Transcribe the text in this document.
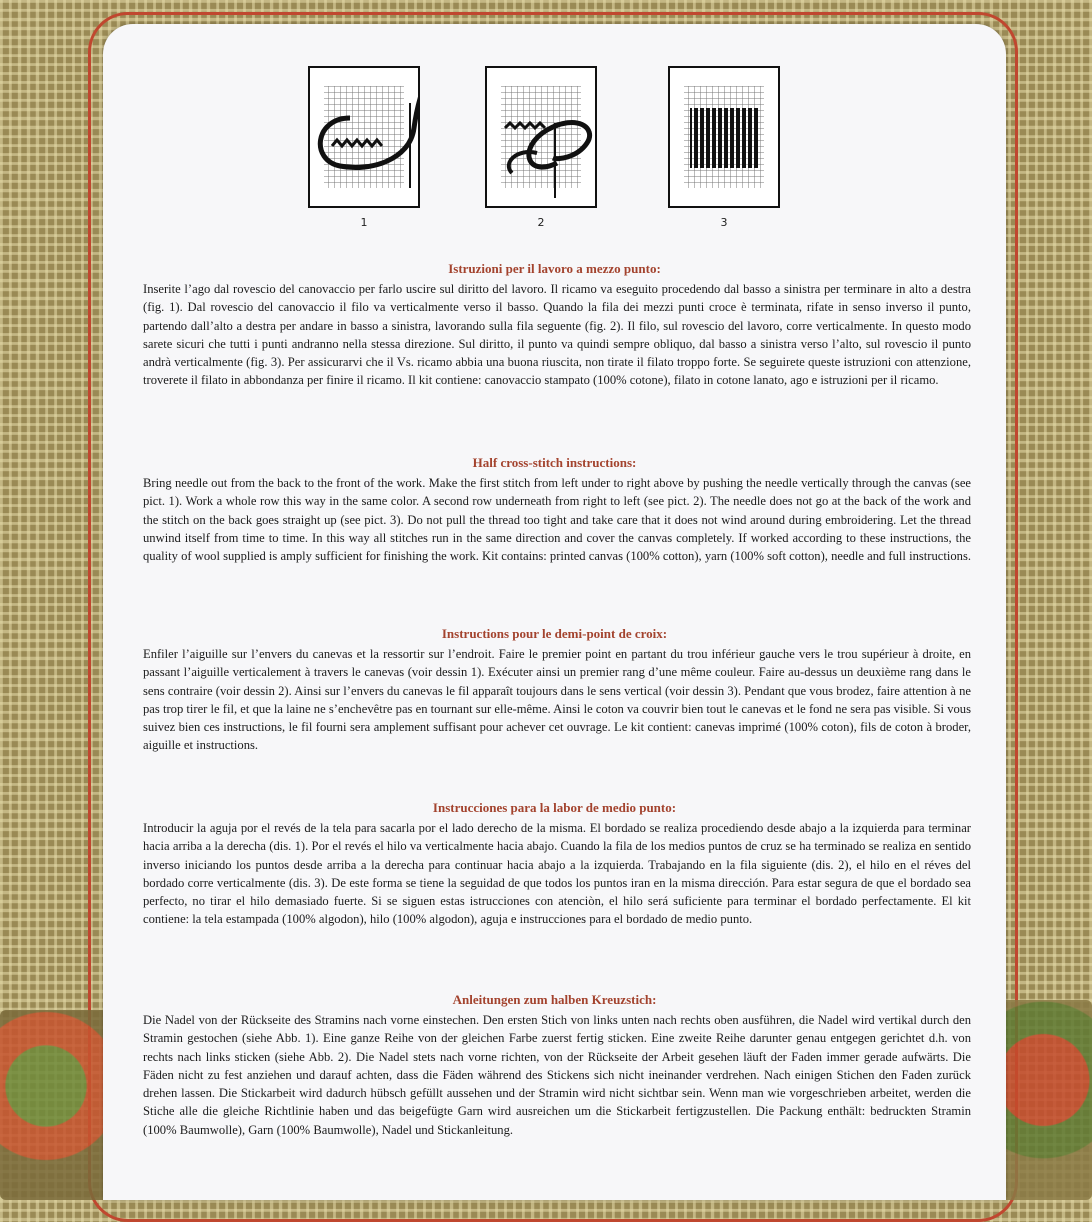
1	2	3
Istruzioni per il lavoro a mezzo punto:

Inserite l’ago dal rovescio del canovaccio per farlo uscire sul diritto del lavoro. Il ricamo va eseguito procedendo dal basso a sinistra per terminare in alto a destra (fig. 1). Dal rovescio del canovaccio il filo va verticalmente verso il basso. Quando la fila dei mezzi punti croce è terminata, rifate in senso inverso il punto, partendo dall’alto a destra per andare in basso a sinistra, lavorando sulla fila seguente (fig. 2). Il filo, sul rovescio del lavoro, corre verticalmente. In questo modo sarete sicuri che tutti i punti andranno nella stessa direzione. Sul diritto, il punto va quindi sempre obliquo, dal basso a sinistra verso l’alto, sul rovescio il punto andrà verticalmente (fig. 3). Per assicurarvi che il Vs. ricamo abbia una buona riuscita, non tirate il filato troppo forte. Se seguirete queste istruzioni con attenzione, troverete il filato in abbondanza per finire il ricamo. Il kit contiene: canovaccio stampato (100% cotone), filato in cotone lanato, ago e istruzioni per il ricamo.

Half cross-stitch instructions:

Bring needle out from the back to the front of the work. Make the first stitch from left under to right above by pushing the needle vertically through the canvas (see pict. 1). Work a whole row this way in the same color. A second row underneath from right to left (see pict. 2). The needle does not go at the back of the work and the stitch on the back goes straight up (see pict. 3). Do not pull the thread too tight and take care that it does not wind around during embroidering. Let the thread unwind itself from time to time. In this way all stitches run in the same direction and cover the canvas completely. If worked according to these instructions, the quality of wool supplied is amply sufficient for finishing the work. Kit contains: printed canvas (100% cotton), yarn (100% soft cotton), needle and full instructions.

Instructions pour le demi-point de croix:

Enfiler l’aiguille sur l’envers du canevas et la ressortir sur l’endroit. Faire le premier point en partant du trou inférieur gauche vers le trou supérieur à droite, en passant l’aiguille verticalement à travers le canevas (voir dessin 1). Exécuter ainsi un premier rang d’une même couleur. Faire au-dessus un deuxième rang dans le sens contraire (voir dessin 2). Ainsi sur l’envers du canevas le fil apparaît toujours dans le sens vertical (voir dessin 3). Pendant que vous brodez, faire attention à ne pas trop tirer le fil, et que la laine ne s’enchevêtre pas en tournant sur elle-même. Ainsi le coton va couvrir bien tout le canevas et le fond ne sera pas visible. Si vous suivez bien ces instructions, le fil fourni sera amplement suffisant pour achever cet ouvrage. Le kit contient: canevas imprimé (100% coton), fils de coton à broder, aiguille et instructions.

Instrucciones para la labor de medio punto:

Introducir la aguja por el revés de la tela para sacarla por el lado derecho de la misma. El bordado se realiza procediendo desde abajo a la izquierda para terminar hacia arriba a la derecha (dis. 1). Por el revés el hilo va verticalmente hacia abajo. Cuando la fila de los medios puntos de cruz se ha terminado se realiza en sentido inverso iniciando los puntos desde arriba a la derecha para continuar hacia abajo a la izquierda. Trabajando en la fila siguiente (dis. 2), el hilo en el réves del bordado corre verticalmente (dis. 3). De este forma se tiene la seguidad de que todos los puntos iran en la misma dirección. Para estar segura de que el bordado sea perfecto, no tirar el hilo demasiado fuerte. Si se siguen estas istrucciones con atenciòn, el hilo será suficiente para terminar el bordado perfectamente. El kit contiene: la tela estampada (100% algodon), hilo (100% algodon), aguja e instrucciones para el bordado de medio punto.

Anleitungen zum halben Kreuzstich:

Die Nadel von der Rückseite des Stramins nach vorne einstechen. Den ersten Stich von links unten nach rechts oben ausführen, die Nadel wird vertikal durch den Stramin gestochen (siehe Abb. 1). Eine ganze Reihe von der gleichen Farbe zuerst fertig sticken. Eine zweite Reihe darunter genau entgegen gerichtet d.h. von rechts nach links sticken (siehe Abb. 2). Die Nadel stets nach vorne richten, von der Rückseite der Arbeit gesehen läuft der Faden immer gerade aufwärts. Die Fäden nicht zu fest anziehen und darauf achten, dass die Fäden während des Stickens sich nicht ineinander verdrehen. Nach einigen Stichen den Faden zurück drehen lassen. Die Stickarbeit wird dadurch hübsch gefüllt aussehen und der Stramin wird nicht sichtbar sein. Wenn man wie vorgeschrieben arbeitet, werden die Stiche alle die gleiche Richtlinie haben und das beigefügte Garn wird ausreichen um die Stickarbeit fertigzustellen. Die Packung enthält: bedruckten Stramin (100% Baumwolle), Garn (100% Baumwolle), Nadel und Stickanleitung.
